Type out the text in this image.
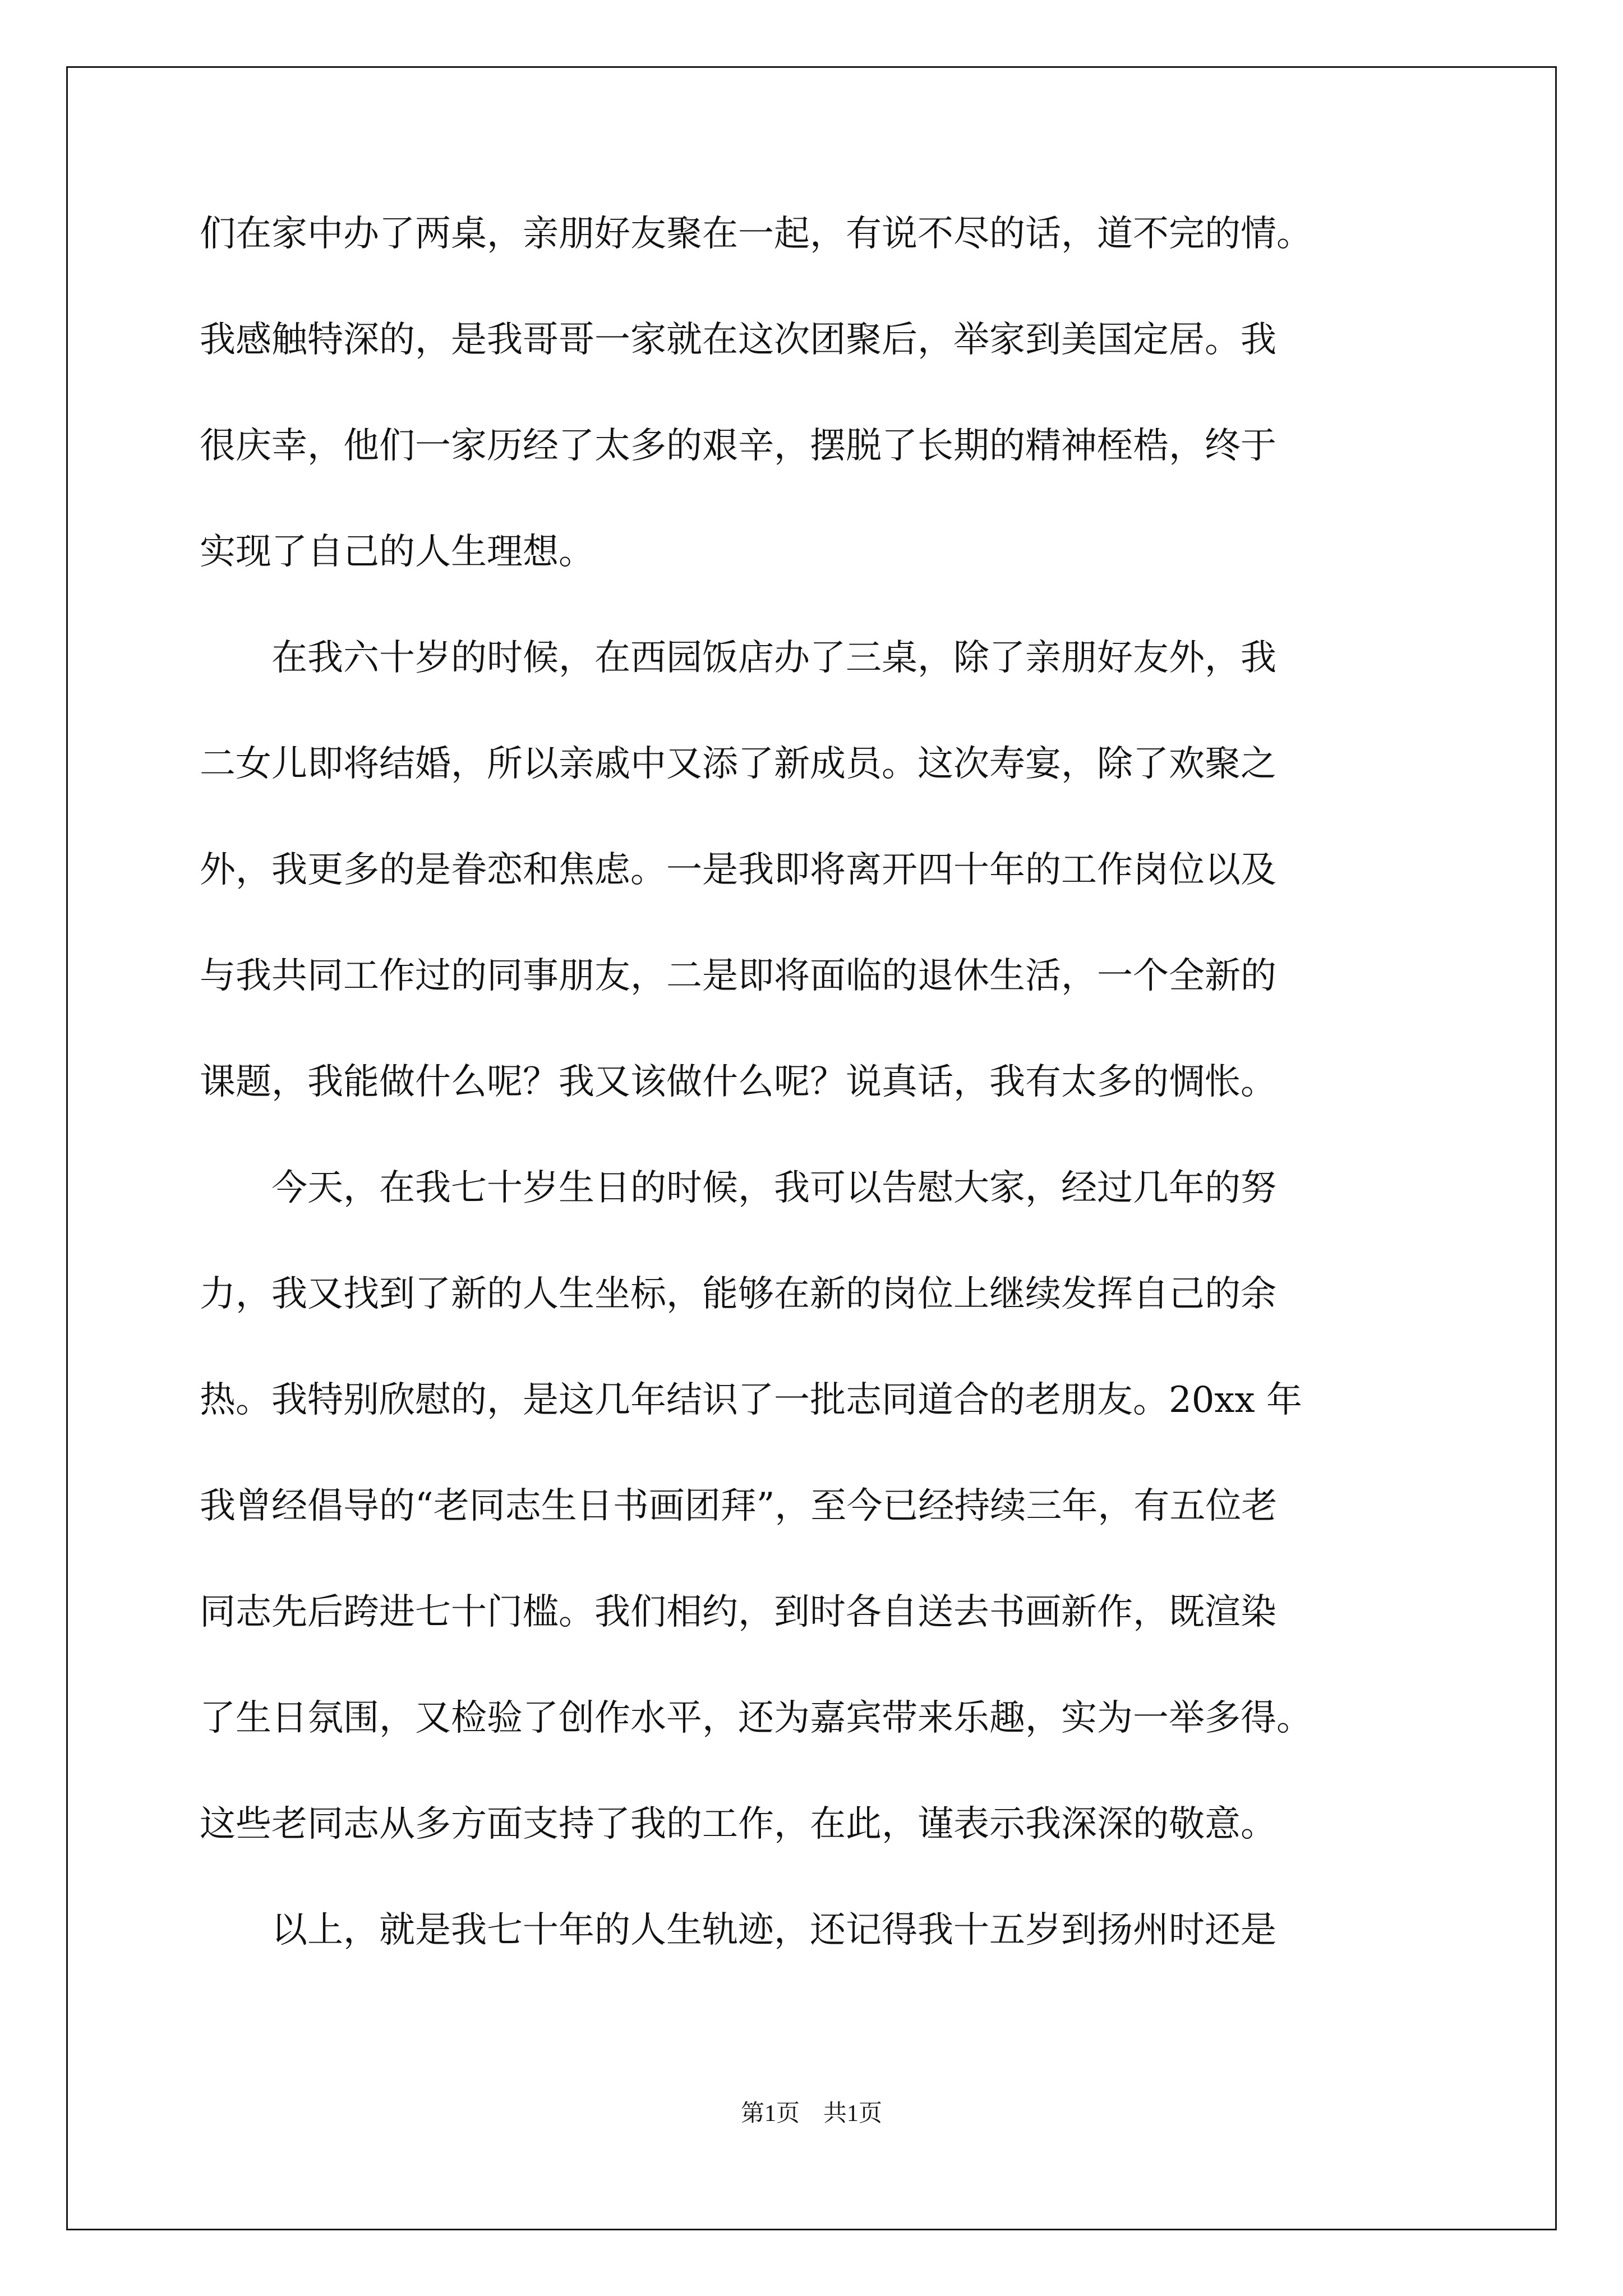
们在家中办了两桌，亲朋好友聚在一起，有说不尽的话，道不完的情。
我感触特深的，是我哥哥一家就在这次团聚后，举家到美国定居。我
很庆幸，他们一家历经了太多的艰辛，摆脱了长期的精神桎梏，终于
实现了自己的人生理想。
　　在我六十岁的时候，在西园饭店办了三桌，除了亲朋好友外，我
二女儿即将结婚，所以亲戚中又添了新成员。这次寿宴，除了欢聚之
外，我更多的是眷恋和焦虑。一是我即将离开四十年的工作岗位以及
与我共同工作过的同事朋友，二是即将面临的退休生活，一个全新的
课题，我能做什么呢？我又该做什么呢？说真话，我有太多的惆怅。
　　今天，在我七十岁生日的时候，我可以告慰大家，经过几年的努
力，我又找到了新的人生坐标，能够在新的岗位上继续发挥自己的余
热。我特别欣慰的，是这几年结识了一批志同道合的老朋友。20xx 年
我曾经倡导的“老同志生日书画团拜”，至今已经持续三年，有五位老
同志先后跨进七十门槛。我们相约，到时各自送去书画新作，既渲染
了生日氛围，又检验了创作水平，还为嘉宾带来乐趣，实为一举多得。
这些老同志从多方面支持了我的工作，在此，谨表示我深深的敬意。
　　以上，就是我七十年的人生轨迹，还记得我十五岁到扬州时还是
第1页　共1页
